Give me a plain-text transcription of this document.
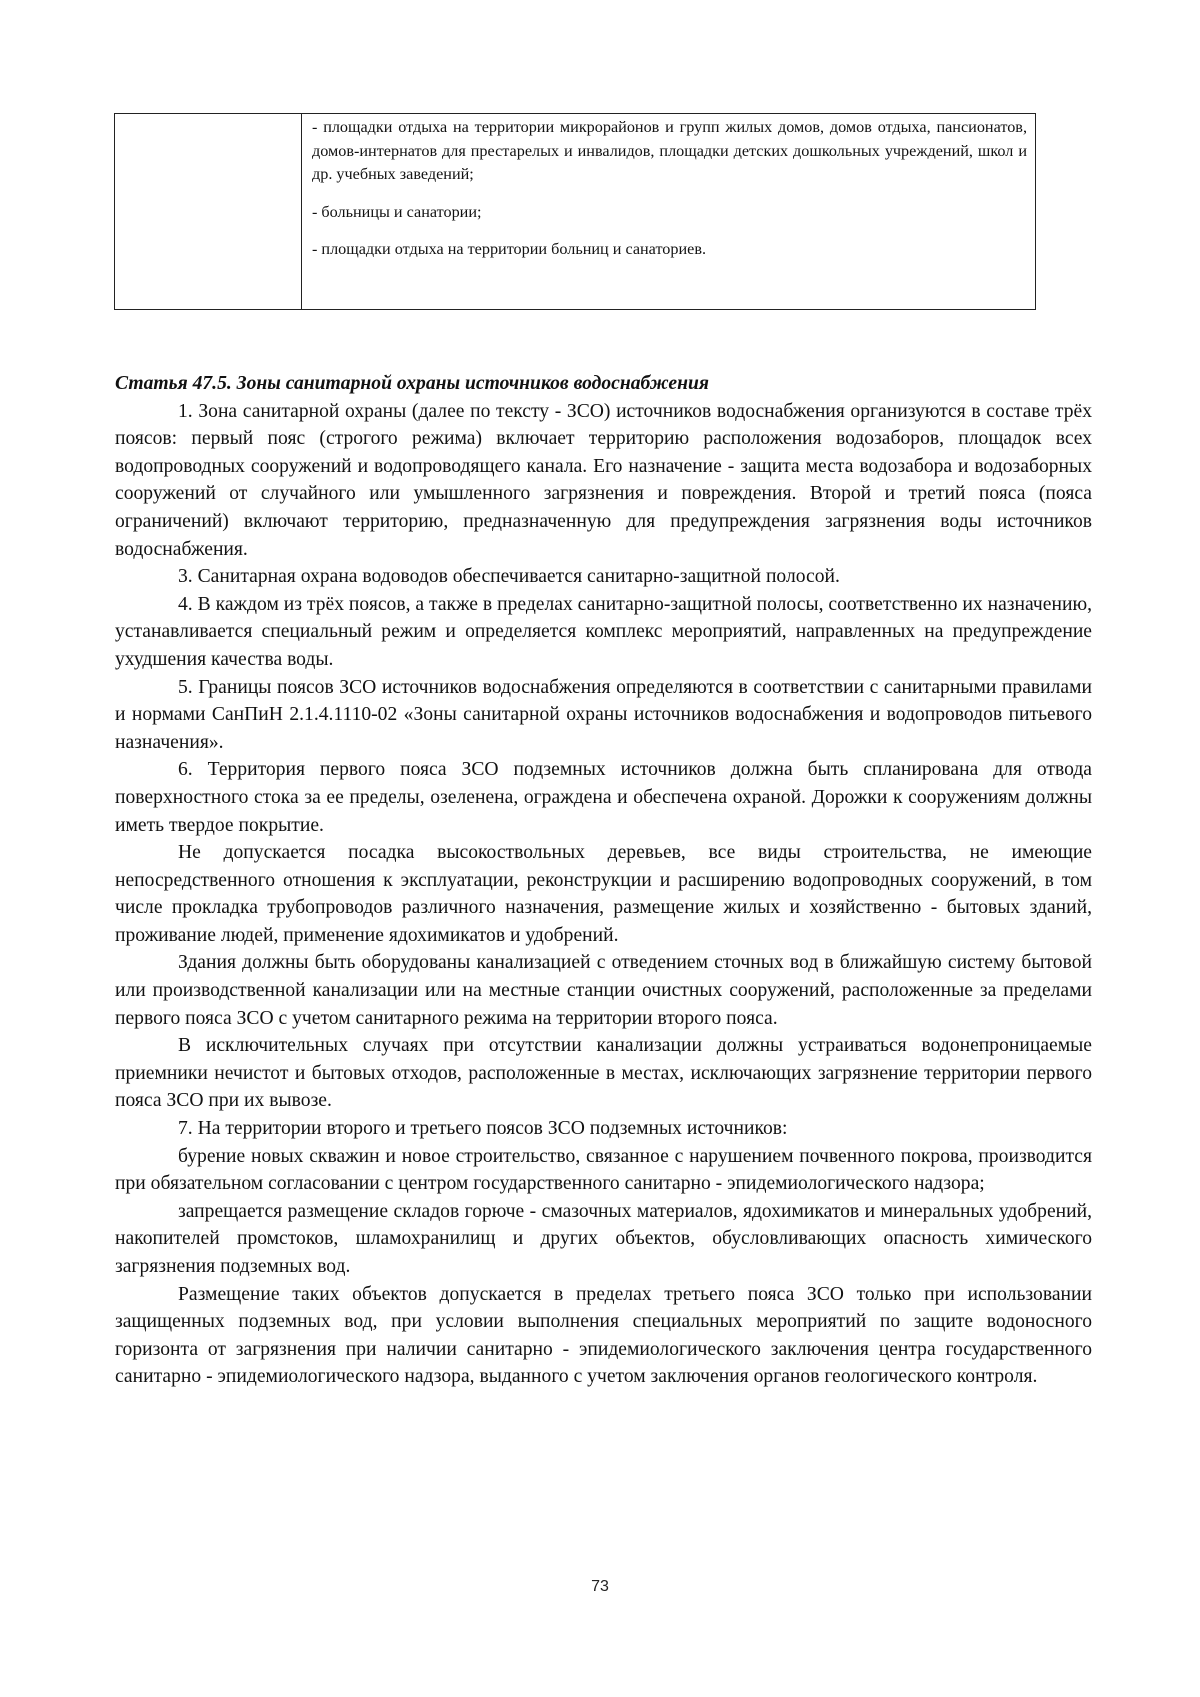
- площадки отдыха на территории микрорайонов и групп жилых домов, домов отдыха, пансионатов, домов-интернатов для престарелых и инвалидов, площадки детских дошкольных учреждений, школ и др. учебных заведений;

- больницы и санатории;

- площадки отдыха на территории больниц и санаториев.

Статья 47.5. Зоны санитарной охраны источников водоснабжения

1. Зона санитарной охраны (далее по тексту - ЗСО) источников водоснабжения организуются в составе трёх поясов: первый пояс (строгого режима) включает территорию расположения водозаборов, площадок всех водопроводных сооружений и водопроводящего канала. Его назначение - защита места водозабора и водозаборных сооружений от случайного или умышленного загрязнения и повреждения. Второй и третий пояса (пояса ограничений) включают территорию, предназначенную для предупреждения загрязнения воды источников водоснабжения.

3. Санитарная охрана водоводов обеспечивается санитарно-защитной полосой.

4. В каждом из трёх поясов, а также в пределах санитарно-защитной полосы, соответственно их назначению, устанавливается специальный режим и определяется комплекс мероприятий, направленных на предупреждение ухудшения качества воды.

5. Границы поясов ЗСО источников водоснабжения определяются в соответствии с санитарными правилами и нормами СанПиН 2.1.4.1110-02 «Зоны санитарной охраны источников водоснабжения и водопроводов питьевого назначения».

6. Территория первого пояса ЗСО подземных источников должна быть спланирована для отвода поверхностного стока за ее пределы, озеленена, ограждена и обеспечена охраной. Дорожки к сооружениям должны иметь твердое покрытие.

Не допускается посадка высокоствольных деревьев, все виды строительства, не имеющие непосредственного отношения к эксплуатации, реконструкции и расширению водопроводных сооружений, в том числе прокладка трубопроводов различного назначения, размещение жилых и хозяйственно - бытовых зданий, проживание людей, применение ядохимикатов и удобрений.

Здания должны быть оборудованы канализацией с отведением сточных вод в ближайшую систему бытовой или производственной канализации или на местные станции очистных сооружений, расположенные за пределами первого пояса ЗСО с учетом санитарного режима на территории второго пояса.

В исключительных случаях при отсутствии канализации должны устраиваться водонепроницаемые приемники нечистот и бытовых отходов, расположенные в местах, исключающих загрязнение территории первого пояса ЗСО при их вывозе.

7. На территории второго и третьего поясов ЗСО подземных источников:

бурение новых скважин и новое строительство, связанное с нарушением почвенного покрова, производится при обязательном согласовании с центром государственного санитарно - эпидемиологического надзора;

запрещается размещение складов горюче - смазочных материалов, ядохимикатов и минеральных удобрений, накопителей промстоков, шламохранилищ и других объектов, обусловливающих опасность химического загрязнения подземных вод.

Размещение таких объектов допускается в пределах третьего пояса ЗСО только при использовании защищенных подземных вод, при условии выполнения специальных мероприятий по защите водоносного горизонта от загрязнения при наличии санитарно - эпидемиологического заключения центра государственного санитарно - эпидемиологического надзора, выданного с учетом заключения органов геологического контроля.

73
